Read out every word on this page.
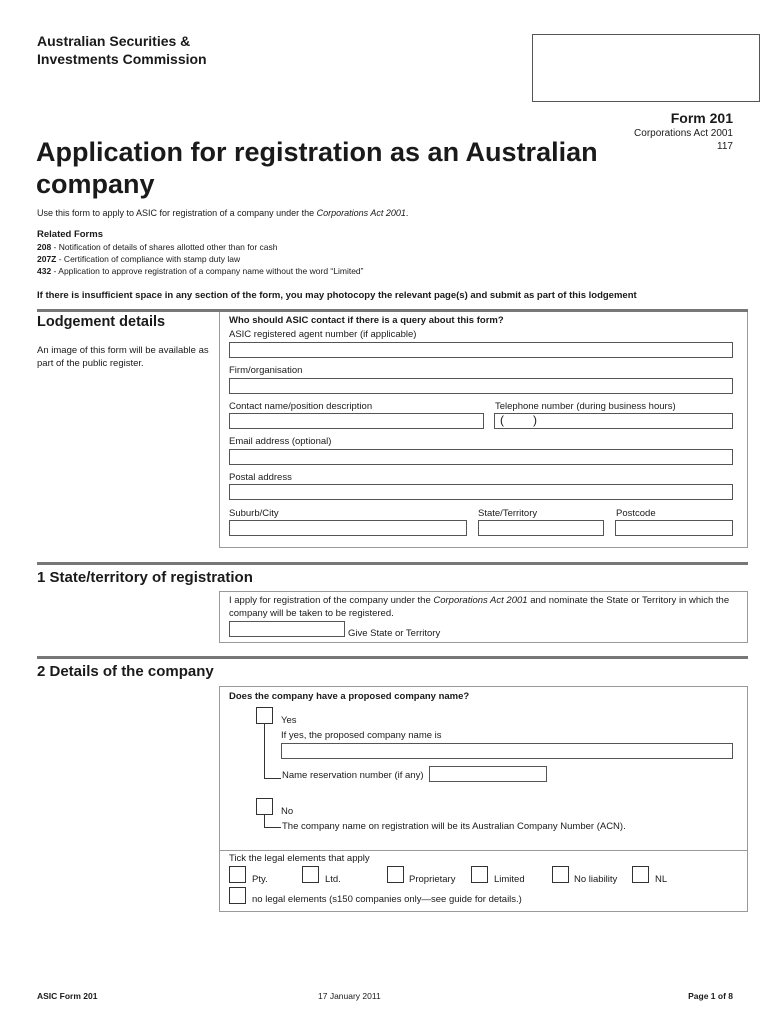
Australian Securities &
Investments Commission
Form 201
Corporations Act 2001
117
Application for registration as an Australian company
Use this form to apply to ASIC for registration of a company under the Corporations Act 2001.
Related Forms
208 - Notification of details of shares allotted other than for cash
207Z - Certification of compliance with stamp duty law
432 - Application to approve registration of a company name without the word “Limited”
If there is insufficient space in any section of the form, you may photocopy the relevant page(s) and submit as part of this lodgement
Lodgement details
An image of this form will be available as part of the public register.
Who should ASIC contact if there is a query about this form?
ASIC registered agent number (if applicable)
Firm/organisation
Contact name/position description	Telephone number (during business hours)
( )
Email address (optional)
Postal address
Suburb/City	State/Territory	Postcode
1 State/territory of registration
I apply for registration of the company under the Corporations Act 2001 and nominate the State or Territory in which the company will be taken to be registered.
Give State or Territory
2 Details of the company
Does the company have a proposed company name?
Yes
If yes, the proposed company name is
Name reservation number (if any)
No
The company name on registration will be its Australian Company Number (ACN).
Tick the legal elements that apply
Pty.	Ltd.	Proprietary	Limited	No liability	NL
no legal elements (s150 companies only—see guide for details.)
ASIC Form 201	17 January 2011	Page 1 of 8
